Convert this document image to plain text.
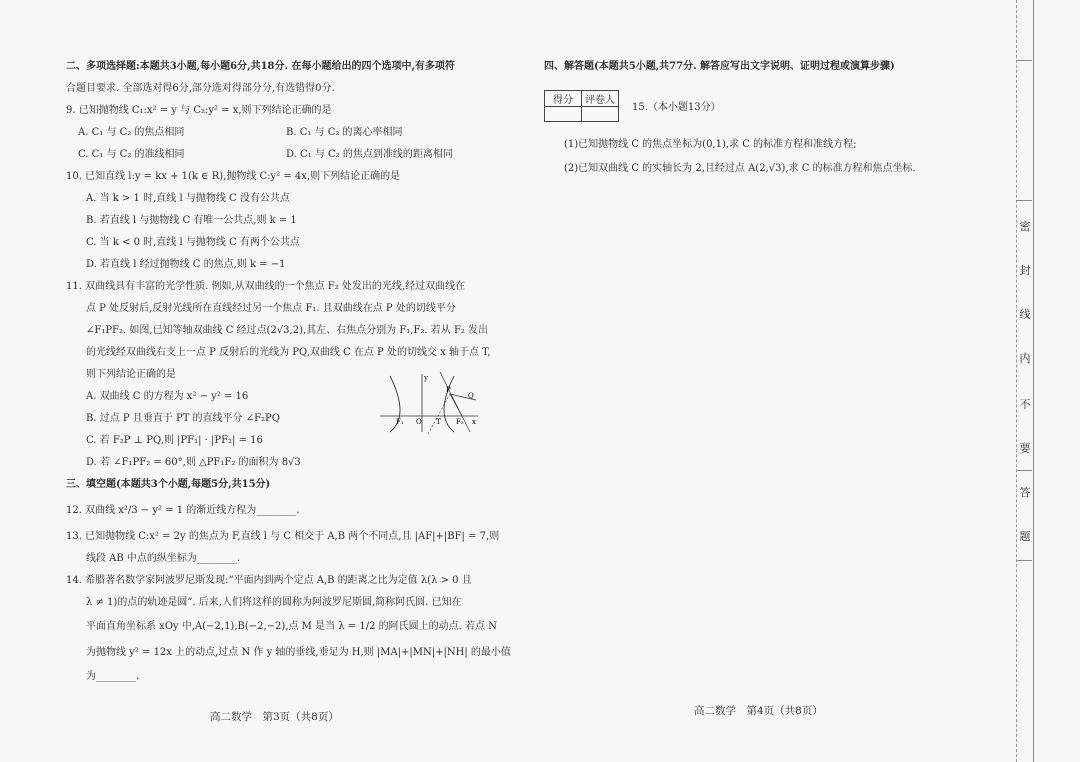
二、多项选择题:本题共3小题,每小题6分,共18分. 在每小题给出的四个选项中,有多项符
合题目要求. 全部选对得6分,部分选对得部分分,有选错得0分.
9. 已知抛物线 C₁:x² = y 与 C₂:y² = x,则下列结论正确的是
A. C₁ 与 C₂ 的焦点相同	B. C₁ 与 C₂ 的离心率相同
C. C₁ 与 C₂ 的准线相同	D. C₁ 与 C₂ 的焦点到准线的距离相同
10. 已知直线 l:y = kx + 1(k ∈ R),抛物线 C:y² = 4x,则下列结论正确的是
A. 当 k > 1 时,直线 l 与抛物线 C 没有公共点
B. 若直线 l 与抛物线 C 有唯一公共点,则 k = 1
C. 当 k < 0 时,直线 l 与抛物线 C 有两个公共点
D. 若直线 l 经过抛物线 C 的焦点,则 k = −1
11. 双曲线具有丰富的光学性质. 例如,从双曲线的一个焦点 F₂ 处发出的光线,经过双曲线在
点 P 处反射后,反射光线所在直线经过另一个焦点 F₁. 且双曲线在点 P 处的切线平分
∠F₁PF₂. 如图,已知等轴双曲线 C 经过点(2√3,2),其左、右焦点分别为 F₁,F₂. 若从 F₂ 发出
的光线经双曲线右支上一点 P 反射后的光线为 PQ,双曲线 C 在点 P 处的切线交 x 轴于点 T,
则下列结论正确的是
A. 双曲线 C 的方程为 x² − y² = 16
B. 过点 P 且垂直于 PT 的直线平分 ∠F₂PQ
C. 若 F₂P ⊥ PQ,则 |PF₁| · |PF₂| = 16
D. 若 ∠F₁PF₂ = 60°,则 △PF₁F₂ 的面积为 8√3
三、填空题(本题共3个小题,每题5分,共15分)
12. 双曲线 x²/3 − y² = 1 的渐近线方程为________.
13. 已知抛物线 C:x² = 2y 的焦点为 F,直线 l 与 C 相交于 A,B 两个不同点,且 |AF|+|BF| = 7,则
线段 AB 中点的纵坐标为________.
14. 希腊著名数学家阿波罗尼斯发现:“平面内到两个定点 A,B 的距离之比为定值 λ(λ > 0 且
λ ≠ 1)的点的轨迹是圆”. 后来,人们将这样的圆称为阿波罗尼斯圆,简称阿氏圆. 已知在
平面直角坐标系 xOy 中,A(−2,1),B(−2,−2),点 M 是当 λ = 1/2 的阿氏圆上的动点. 若点 N
为抛物线 y² = 12x 上的动点,过点 N 作 y 轴的垂线,垂足为 H,则 |MA|+|MN|+|NH| 的最小值
为________.
y
F₁ O T F₂ x
P
Q
高二数学　第3页（共8页）
四、解答题(本题共5小题,共77分. 解答应写出文字说明、证明过程或演算步骤)
15.（本小题13分）
(1)已知抛物线 C 的焦点坐标为(0,1),求 C 的标准方程和准线方程;
(2)已知双曲线 C 的实轴长为 2,且经过点 A(2,√3),求 C 的标准方程和焦点坐标.
得分	评卷人

高二数学　第4页（共8页）
密
封
线
内
不
要
答
题
